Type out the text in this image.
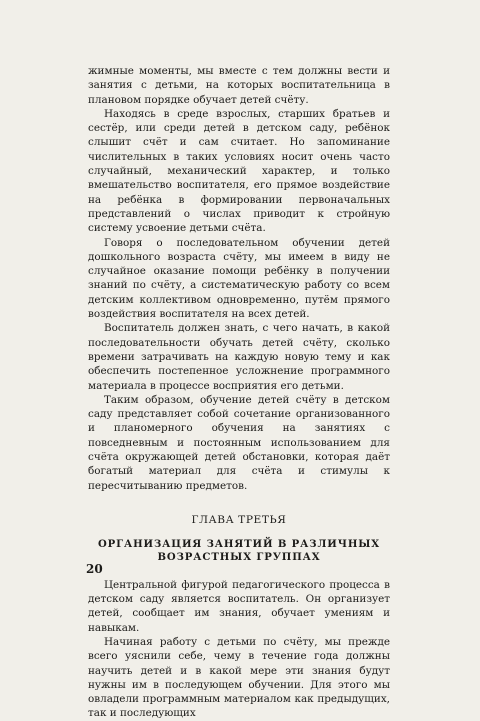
жимные моменты, мы вместе с тем должны вести и занятия с детьми, на которых воспитательница в плановом порядке обучает детей счёту.

Находясь в среде взрослых, старших братьев и сестёр, или среди детей в детском саду, ребёнок слышит счёт и сам считает. Но запоминание числительных в таких условиях носит очень часто случайный, механический характер, и только вмешательство воспитателя, его прямое воздействие на ребёнка в формировании первоначальных представлений о числах приводит к стройную систему усвоение детьми счёта.

Говоря о последовательном обучении детей дошкольного возраста счёту, мы имеем в виду не случайное оказание помощи ребёнку в получении знаний по счёту, а систематическую работу со всем детским коллективом одновременно, путём прямого воздействия воспитателя на всех детей.

Воспитатель должен знать, с чего начать, в какой последовательности обучать детей счёту, сколько времени затрачивать на каждую новую тему и как обеспечить постепенное усложнение программного материала в процессе восприятия его детьми.

Таким образом, обучение детей счёту в детском саду представляет собой сочетание организованного и планомерного обучения на занятиях с повседневным и постоянным использованием для счёта окружающей детей обстановки, которая даёт богатый материал для счёта и стимулы к пересчитыванию предметов.

ГЛАВА ТРЕТЬЯ
ОРГАНИЗАЦИЯ ЗАНЯТИЙ В РАЗЛИЧНЫХ ВОЗРАСТНЫХ ГРУППАХ

Центральной фигурой педагогического процесса в детском саду является воспитатель. Он организует детей, сообщает им знания, обучает умениям и навыкам.

Начиная работу с детьми по счёту, мы прежде всего уяснили себе, чему в течение года должны научить детей и в какой мере эти знания будут нужны им в последующем обучении. Для этого мы овладели программным материалом как предыдущих, так и последующих

20
